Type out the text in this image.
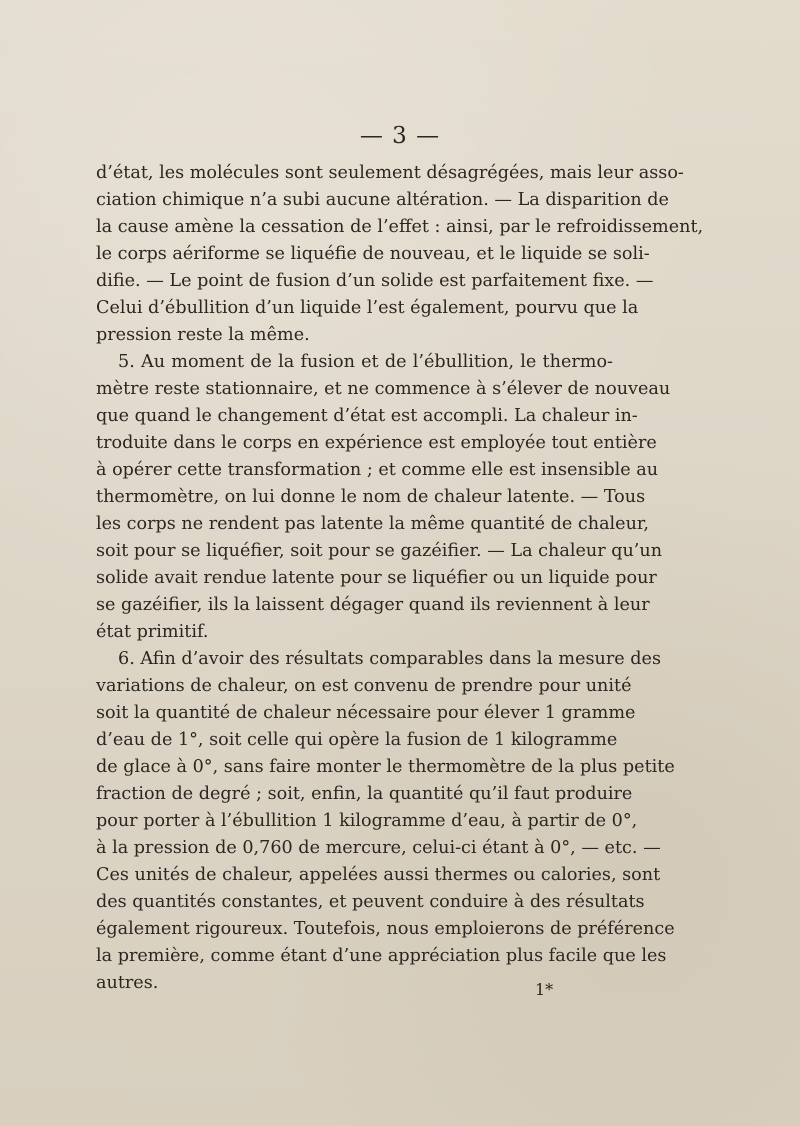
— 3 —
d’état, les molécules sont seulement désagrégées, mais leur asso-
ciation chimique n’a subi aucune altération. — La disparition de
la cause amène la cessation de l’effet : ainsi, par le refroidissement,
le corps aériforme se liquéfie de nouveau, et le liquide se soli-
difie. — Le point de fusion d’un solide est parfaitement fixe. —
Celui d’ébullition d’un liquide l’est également, pourvu que la
pression reste la même.
5. Au moment de la fusion et de l’ébullition, le thermo-
mètre reste stationnaire, et ne commence à s’élever de nouveau
que quand le changement d’état est accompli. La chaleur in-
troduite dans le corps en expérience est employée tout entière
à opérer cette transformation ; et comme elle est insensible au
thermomètre, on lui donne le nom de chaleur latente. — Tous
les corps ne rendent pas latente la même quantité de chaleur,
soit pour se liquéfier, soit pour se gazéifier. — La chaleur qu’un
solide avait rendue latente pour se liquéfier ou un liquide pour
se gazéifier, ils la laissent dégager quand ils reviennent à leur
état primitif.
6. Afin d’avoir des résultats comparables dans la mesure des
variations de chaleur, on est convenu de prendre pour unité
soit la quantité de chaleur nécessaire pour élever 1 gramme
d’eau de 1°, soit celle qui opère la fusion de 1 kilogramme
de glace à 0°, sans faire monter le thermomètre de la plus petite
fraction de degré ; soit, enfin, la quantité qu’il faut produire
pour porter à l’ébullition 1 kilogramme d’eau, à partir de 0°,
à la pression de 0,760 de mercure, celui-ci étant à 0°, — etc. —
Ces unités de chaleur, appelées aussi thermes ou calories, sont
des quantités constantes, et peuvent conduire à des résultats
également rigoureux. Toutefois, nous emploierons de préférence
la première, comme étant d’une appréciation plus facile que les
autres.	1*
